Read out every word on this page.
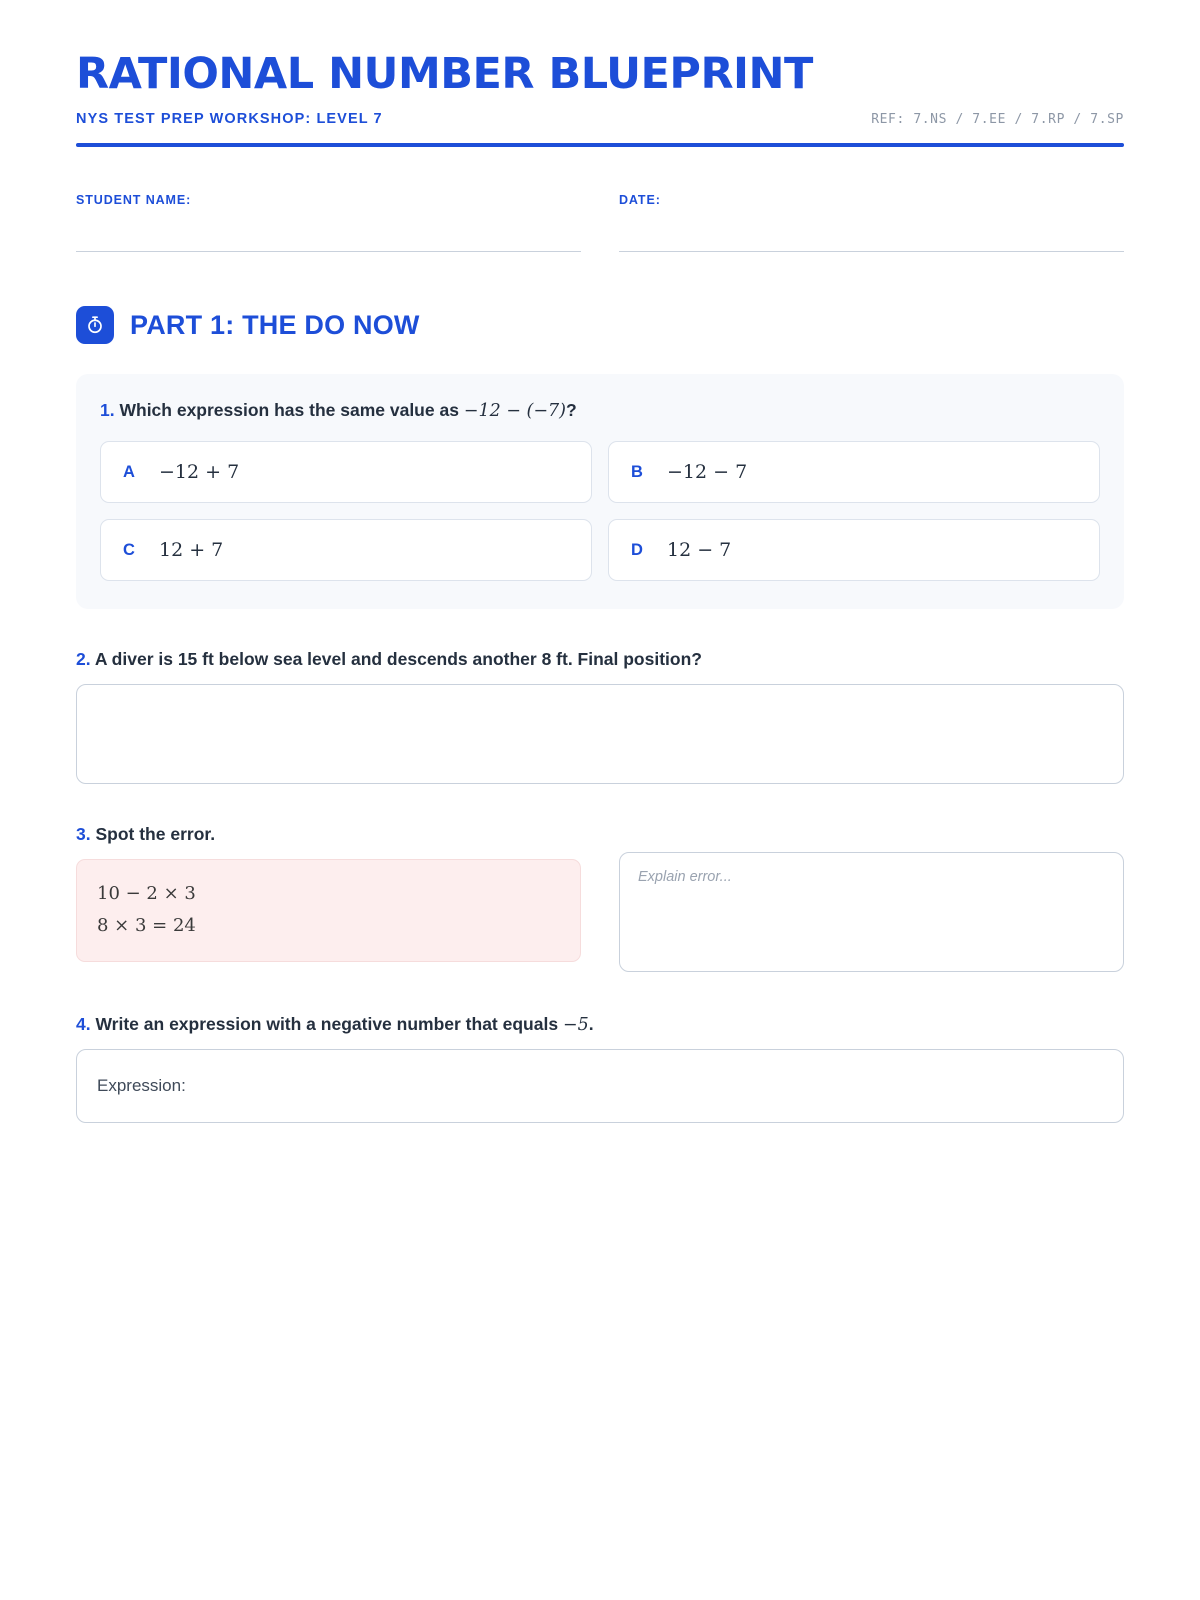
RATIONAL NUMBER BLUEPRINT
NYS TEST PREP WORKSHOP: LEVEL 7	REF: 7.NS / 7.EE / 7.RP / 7.SP
STUDENT NAME:	DATE:
PART 1: THE DO NOW
1. Which expression has the same value as −12 − (−7)?
A −12 + 7	B −12 − 7
C 12 + 7	D 12 − 7
2. A diver is 15 ft below sea level and descends another 8 ft. Final position?
3. Spot the error.
10 − 2 × 3
8 × 3 = 24
Explain error...
4. Write an expression with a negative number that equals −5.
Expression:
